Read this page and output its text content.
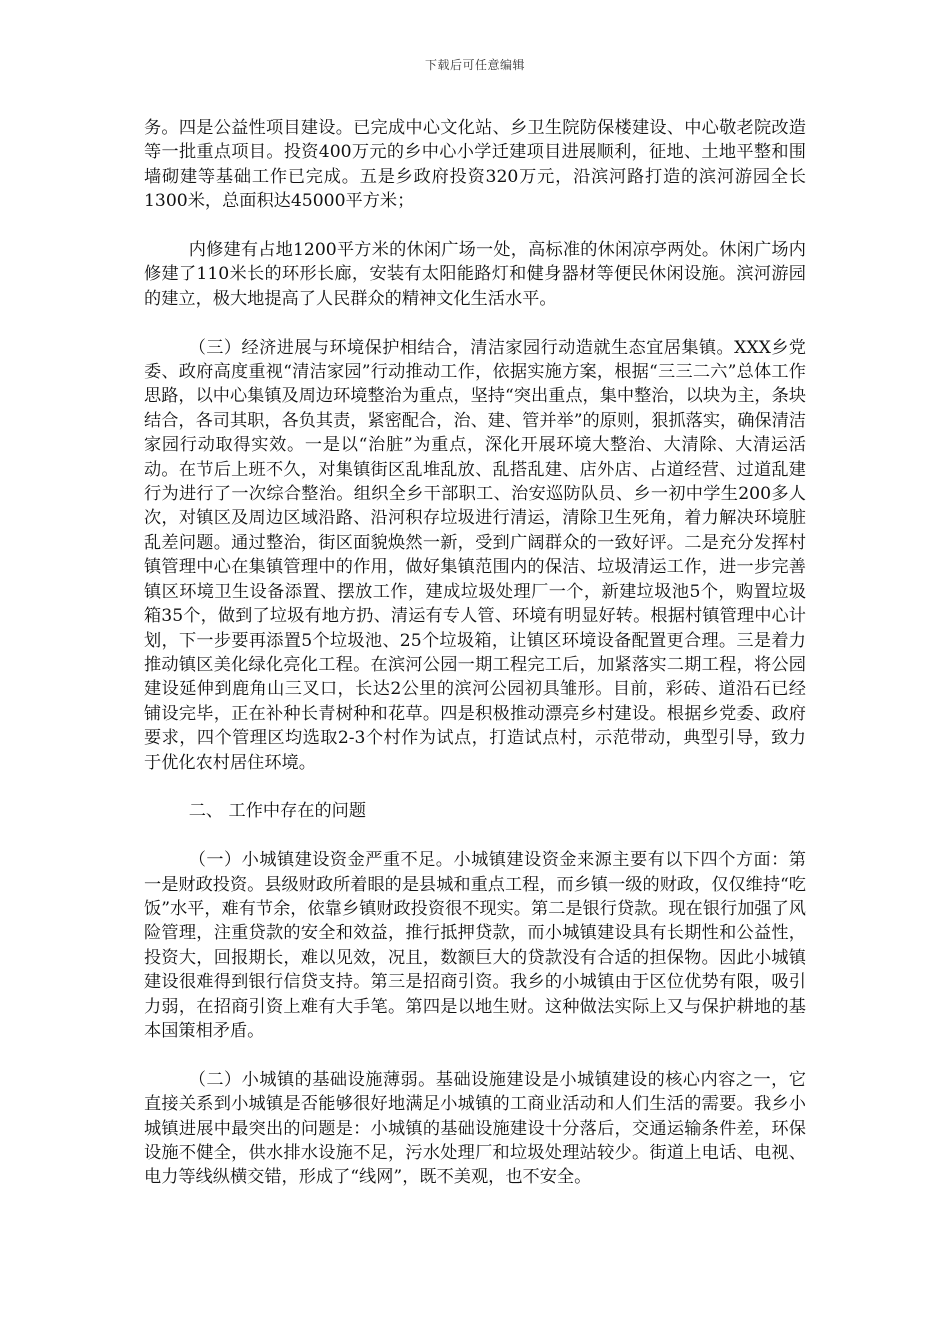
下载后可任意编辑

务。四是公益性项目建设。已完成中心文化站、乡卫生院防保楼建设、中心敬老院改造等一批重点项目。投资400万元的乡中心小学迁建项目进展顺利，征地、土地平整和围墙砌建等基础工作已完成。五是乡政府投资320万元，沿滨河路打造的滨河游园全长1300米，总面积达45000平方米；

内修建有占地1200平方米的休闲广场一处，高标准的休闲凉亭两处。休闲广场内修建了110米长的环形长廊，安装有太阳能路灯和健身器材等便民休闲设施。滨河游园的建立，极大地提高了人民群众的精神文化生活水平。

（三）经济进展与环境保护相结合，清洁家园行动造就生态宜居集镇。XXX乡党委、政府高度重视“清洁家园”行动推动工作，依据实施方案，根据“三三二六”总体工作思路，以中心集镇及周边环境整治为重点，坚持“突出重点，集中整治，以块为主，条块结合，各司其职，各负其责，紧密配合，治、建、管并举”的原则，狠抓落实，确保清洁家园行动取得实效。一是以“治脏”为重点，深化开展环境大整治、大清除、大清运活动。在节后上班不久，对集镇街区乱堆乱放、乱搭乱建、店外店、占道经营、过道乱建行为进行了一次综合整治。组织全乡干部职工、治安巡防队员、乡一初中学生200多人次，对镇区及周边区域沿路、沿河积存垃圾进行清运，清除卫生死角，着力解决环境脏乱差问题。通过整治，街区面貌焕然一新，受到广阔群众的一致好评。二是充分发挥村镇管理中心在集镇管理中的作用，做好集镇范围内的保洁、垃圾清运工作，进一步完善镇区环境卫生设备添置、摆放工作，建成垃圾处理厂一个，新建垃圾池5个，购置垃圾箱35个，做到了垃圾有地方扔、清运有专人管、环境有明显好转。根据村镇管理中心计划，下一步要再添置5个垃圾池、25个垃圾箱，让镇区环境设备配置更合理。三是着力推动镇区美化绿化亮化工程。在滨河公园一期工程完工后，加紧落实二期工程，将公园建设延伸到鹿角山三叉口，长达2公里的滨河公园初具雏形。目前，彩砖、道沿石已经铺设完毕，正在补种长青树种和花草。四是积极推动漂亮乡村建设。根据乡党委、政府要求，四个管理区均选取2-3个村作为试点，打造试点村，示范带动，典型引导，致力于优化农村居住环境。

二、 工作中存在的问题

（一）小城镇建设资金严重不足。小城镇建设资金来源主要有以下四个方面：第一是财政投资。县级财政所着眼的是县城和重点工程，而乡镇一级的财政，仅仅维持“吃饭”水平，难有节余，依靠乡镇财政投资很不现实。第二是银行贷款。现在银行加强了风险管理，注重贷款的安全和效益，推行抵押贷款，而小城镇建设具有长期性和公益性，投资大，回报期长，难以见效，况且，数额巨大的贷款没有合适的担保物。因此小城镇建设很难得到银行信贷支持。第三是招商引资。我乡的小城镇由于区位优势有限，吸引力弱，在招商引资上难有大手笔。第四是以地生财。这种做法实际上又与保护耕地的基本国策相矛盾。

（二）小城镇的基础设施薄弱。基础设施建设是小城镇建设的核心内容之一，它直接关系到小城镇是否能够很好地满足小城镇的工商业活动和人们生活的需要。我乡小城镇进展中最突出的问题是：小城镇的基础设施建设十分落后，交通运输条件差，环保设施不健全，供水排水设施不足，污水处理厂和垃圾处理站较少。街道上电话、电视、电力等线纵横交错，形成了“线网”，既不美观，也不安全。
